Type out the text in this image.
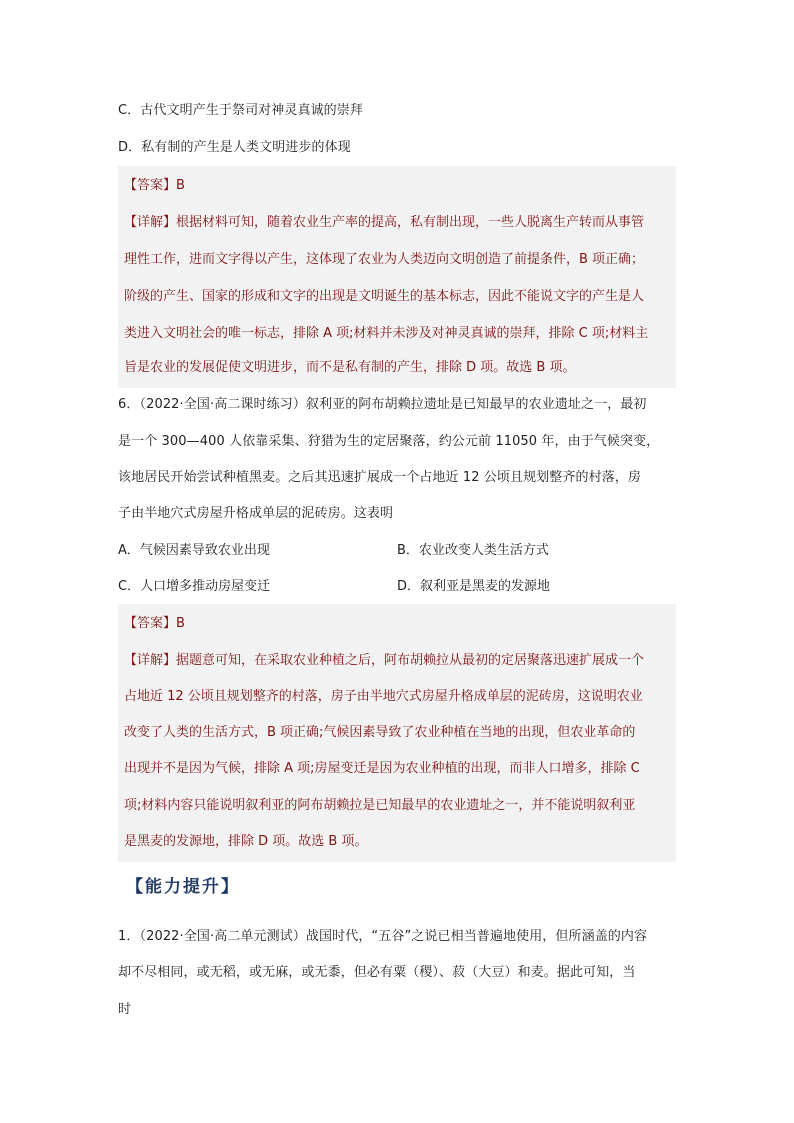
C．古代文明产生于祭司对神灵真诚的崇拜
D．私有制的产生是人类文明进步的体现
【答案】B
【详解】根据材料可知，随着农业生产率的提高，私有制出现，一些人脱离生产转而从事管
理性工作，进而文字得以产生，这体现了农业为人类迈向文明创造了前提条件，B 项正确；
阶级的产生、国家的形成和文字的出现是文明诞生的基本标志，因此不能说文字的产生是人
类进入文明社会的唯一标志，排除 A 项;材料并未涉及对神灵真诚的崇拜，排除 C 项;材料主
旨是农业的发展促使文明进步，而不是私有制的产生，排除 D 项。故选 B 项。
6．（2022·全国·高二课时练习）叙利亚的阿布胡赖拉遗址是已知最早的农业遗址之一，最初
是一个 300—400 人依靠采集、狩猎为生的定居聚落，约公元前 11050 年，由于气候突变，
该地居民开始尝试种植黑麦。之后其迅速扩展成一个占地近 12 公顷且规划整齐的村落，房
子由半地穴式房屋升格成单层的泥砖房。这表明
A．气候因素导致农业出现	B．农业改变人类生活方式
C．人口增多推动房屋变迁	D．叙利亚是黑麦的发源地
【答案】B
【详解】据题意可知，在采取农业种植之后，阿布胡赖拉从最初的定居聚落迅速扩展成一个
占地近 12 公顷且规划整齐的村落，房子由半地穴式房屋升格成单层的泥砖房，这说明农业
改变了人类的生活方式，B 项正确;气候因素导致了农业种植在当地的出现，但农业革命的
出现并不是因为气候，排除 A 项;房屋变迁是因为农业种植的出现，而非人口增多，排除 C
项;材料内容只能说明叙利亚的阿布胡赖拉是已知最早的农业遗址之一，并不能说明叙利亚
是黑麦的发源地，排除 D 项。故选 B 项。
【能力提升】
1．（2022·全国·高二单元测试）战国时代，“五谷”之说已相当普遍地使用，但所涵盖的内容
却不尽相同，或无稻，或无麻，或无黍，但必有粟（稷）、菽（大豆）和麦。据此可知，当
时
